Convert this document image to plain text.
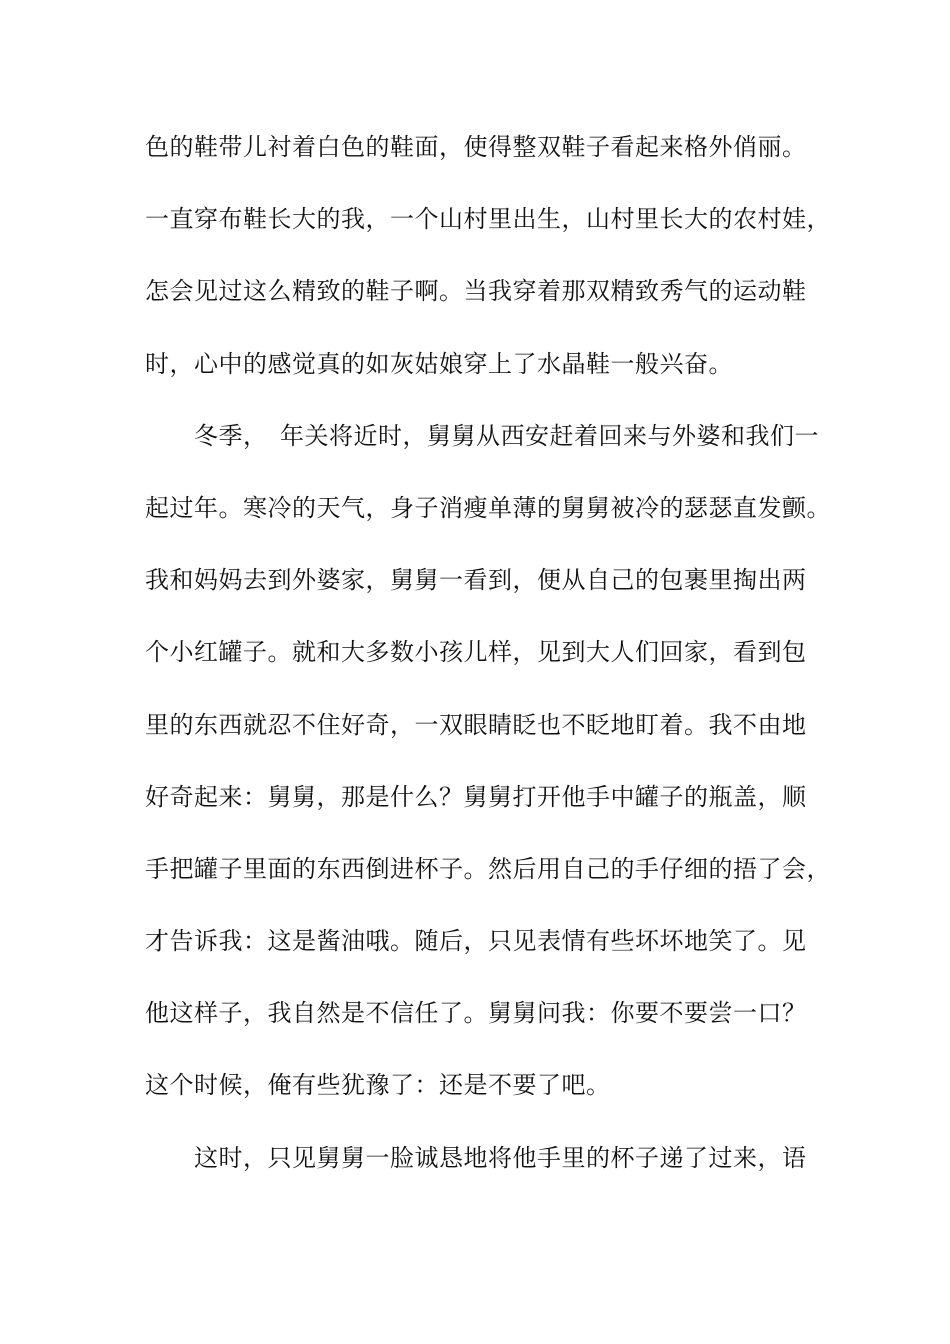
色的鞋带儿衬着白色的鞋面，使得整双鞋子看起来格外俏丽。
一直穿布鞋长大的我，一个山村里出生，山村里长大的农村娃，
怎会见过这么精致的鞋子啊。当我穿着那双精致秀气的运动鞋
时，心中的感觉真的如灰姑娘穿上了水晶鞋一般兴奋。
　　冬季，　年关将近时，舅舅从西安赶着回来与外婆和我们一
起过年。寒冷的天气，身子消瘦单薄的舅舅被冷的瑟瑟直发颤。
我和妈妈去到外婆家，舅舅一看到，便从自己的包裹里掏出两
个小红罐子。就和大多数小孩儿样，见到大人们回家，看到包
里的东西就忍不住好奇，一双眼睛眨也不眨地盯着。我不由地
好奇起来：舅舅，那是什么？舅舅打开他手中罐子的瓶盖，顺
手把罐子里面的东西倒进杯子。然后用自己的手仔细的捂了会，
才告诉我：这是酱油哦。随后，只见表情有些坏坏地笑了。见
他这样子，我自然是不信任了。舅舅问我：你要不要尝一口？
这个时候，俺有些犹豫了：还是不要了吧。
　　这时，只见舅舅一脸诚恳地将他手里的杯子递了过来，语
